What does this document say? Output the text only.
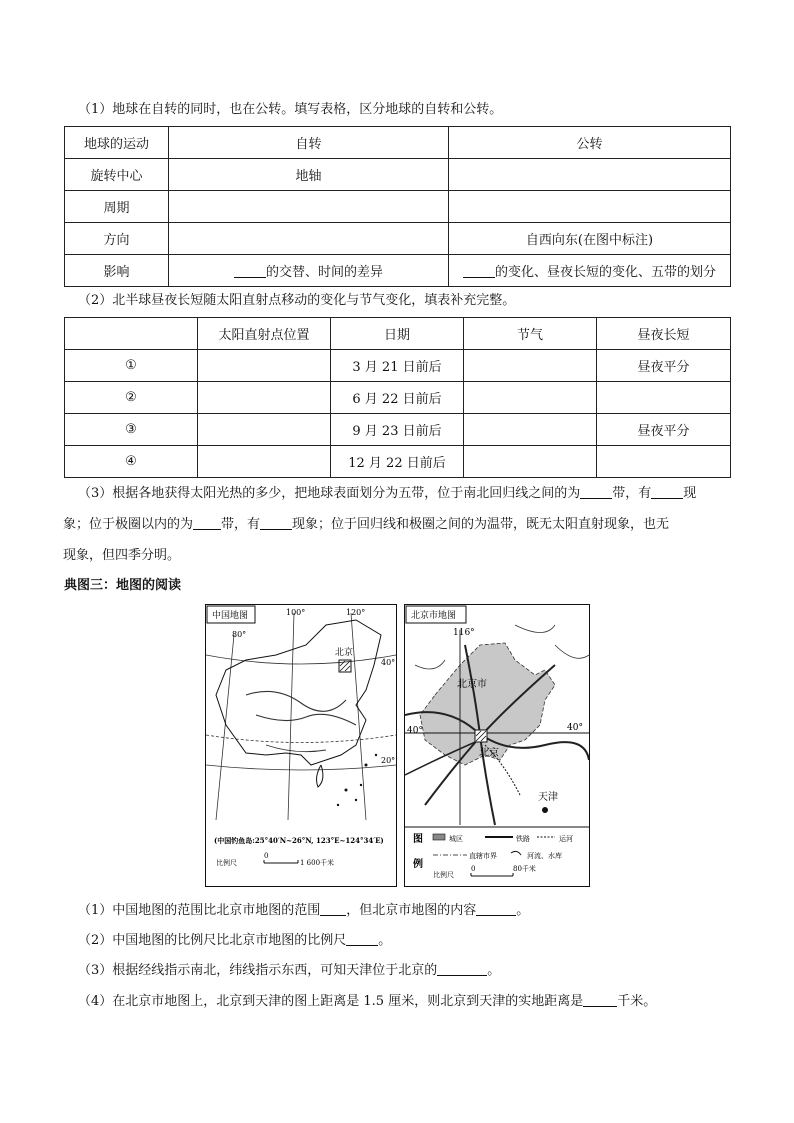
（1）地球在自转的同时，也在公转。填写表格，区分地球的自转和公转。
地球的运动	自转	公转
旋转中心	地轴	
周期		
方向		自西向东(在图中标注)
影响	的交替、时间的差异	的变化、昼夜长短的变化、五带的划分
（2）北半球昼夜长短随太阳直射点移动的变化与节气变化，填表补充完整。
	太阳直射点位置	日期	节气	昼夜长短
①		3 月 21 日前后		昼夜平分
②		6 月 22 日前后		
③		9 月 23 日前后		昼夜平分
④		12 月 22 日前后		
（3）根据各地获得太阳光热的多少，把地球表面划分为五带，位于南北回归线之间的为 带，有 现
象；位于极圈以内的为 带，有 现象；位于回归线和极圈之间的为温带，既无太阳直射现象，也无
现象，但四季分明。
典图三：地图的阅读
中国地图
80°
100°	120°
40°
20°
北京
(中国钓鱼岛:25°40′N~26°N, 123°E~124°34′E)
比例尺
0
1 600千米
北京市地图
116°
40°
40°
北京市
北京
天津
图
例
城区	铁路	运河
直辖市界	河流、水库
比例尺
0	80千米
（1）中国地图的范围比北京市地图的范围 ，但北京市地图的内容	。
（2）中国地图的比例尺比北京市地图的比例尺 。
（3）根据经线指示南北，纬线指示东西，可知天津位于北京的	。
（4）在北京市地图上，北京到天津的图上距离是 1.5 厘米，则北京到天津的实地距离是	千米。
